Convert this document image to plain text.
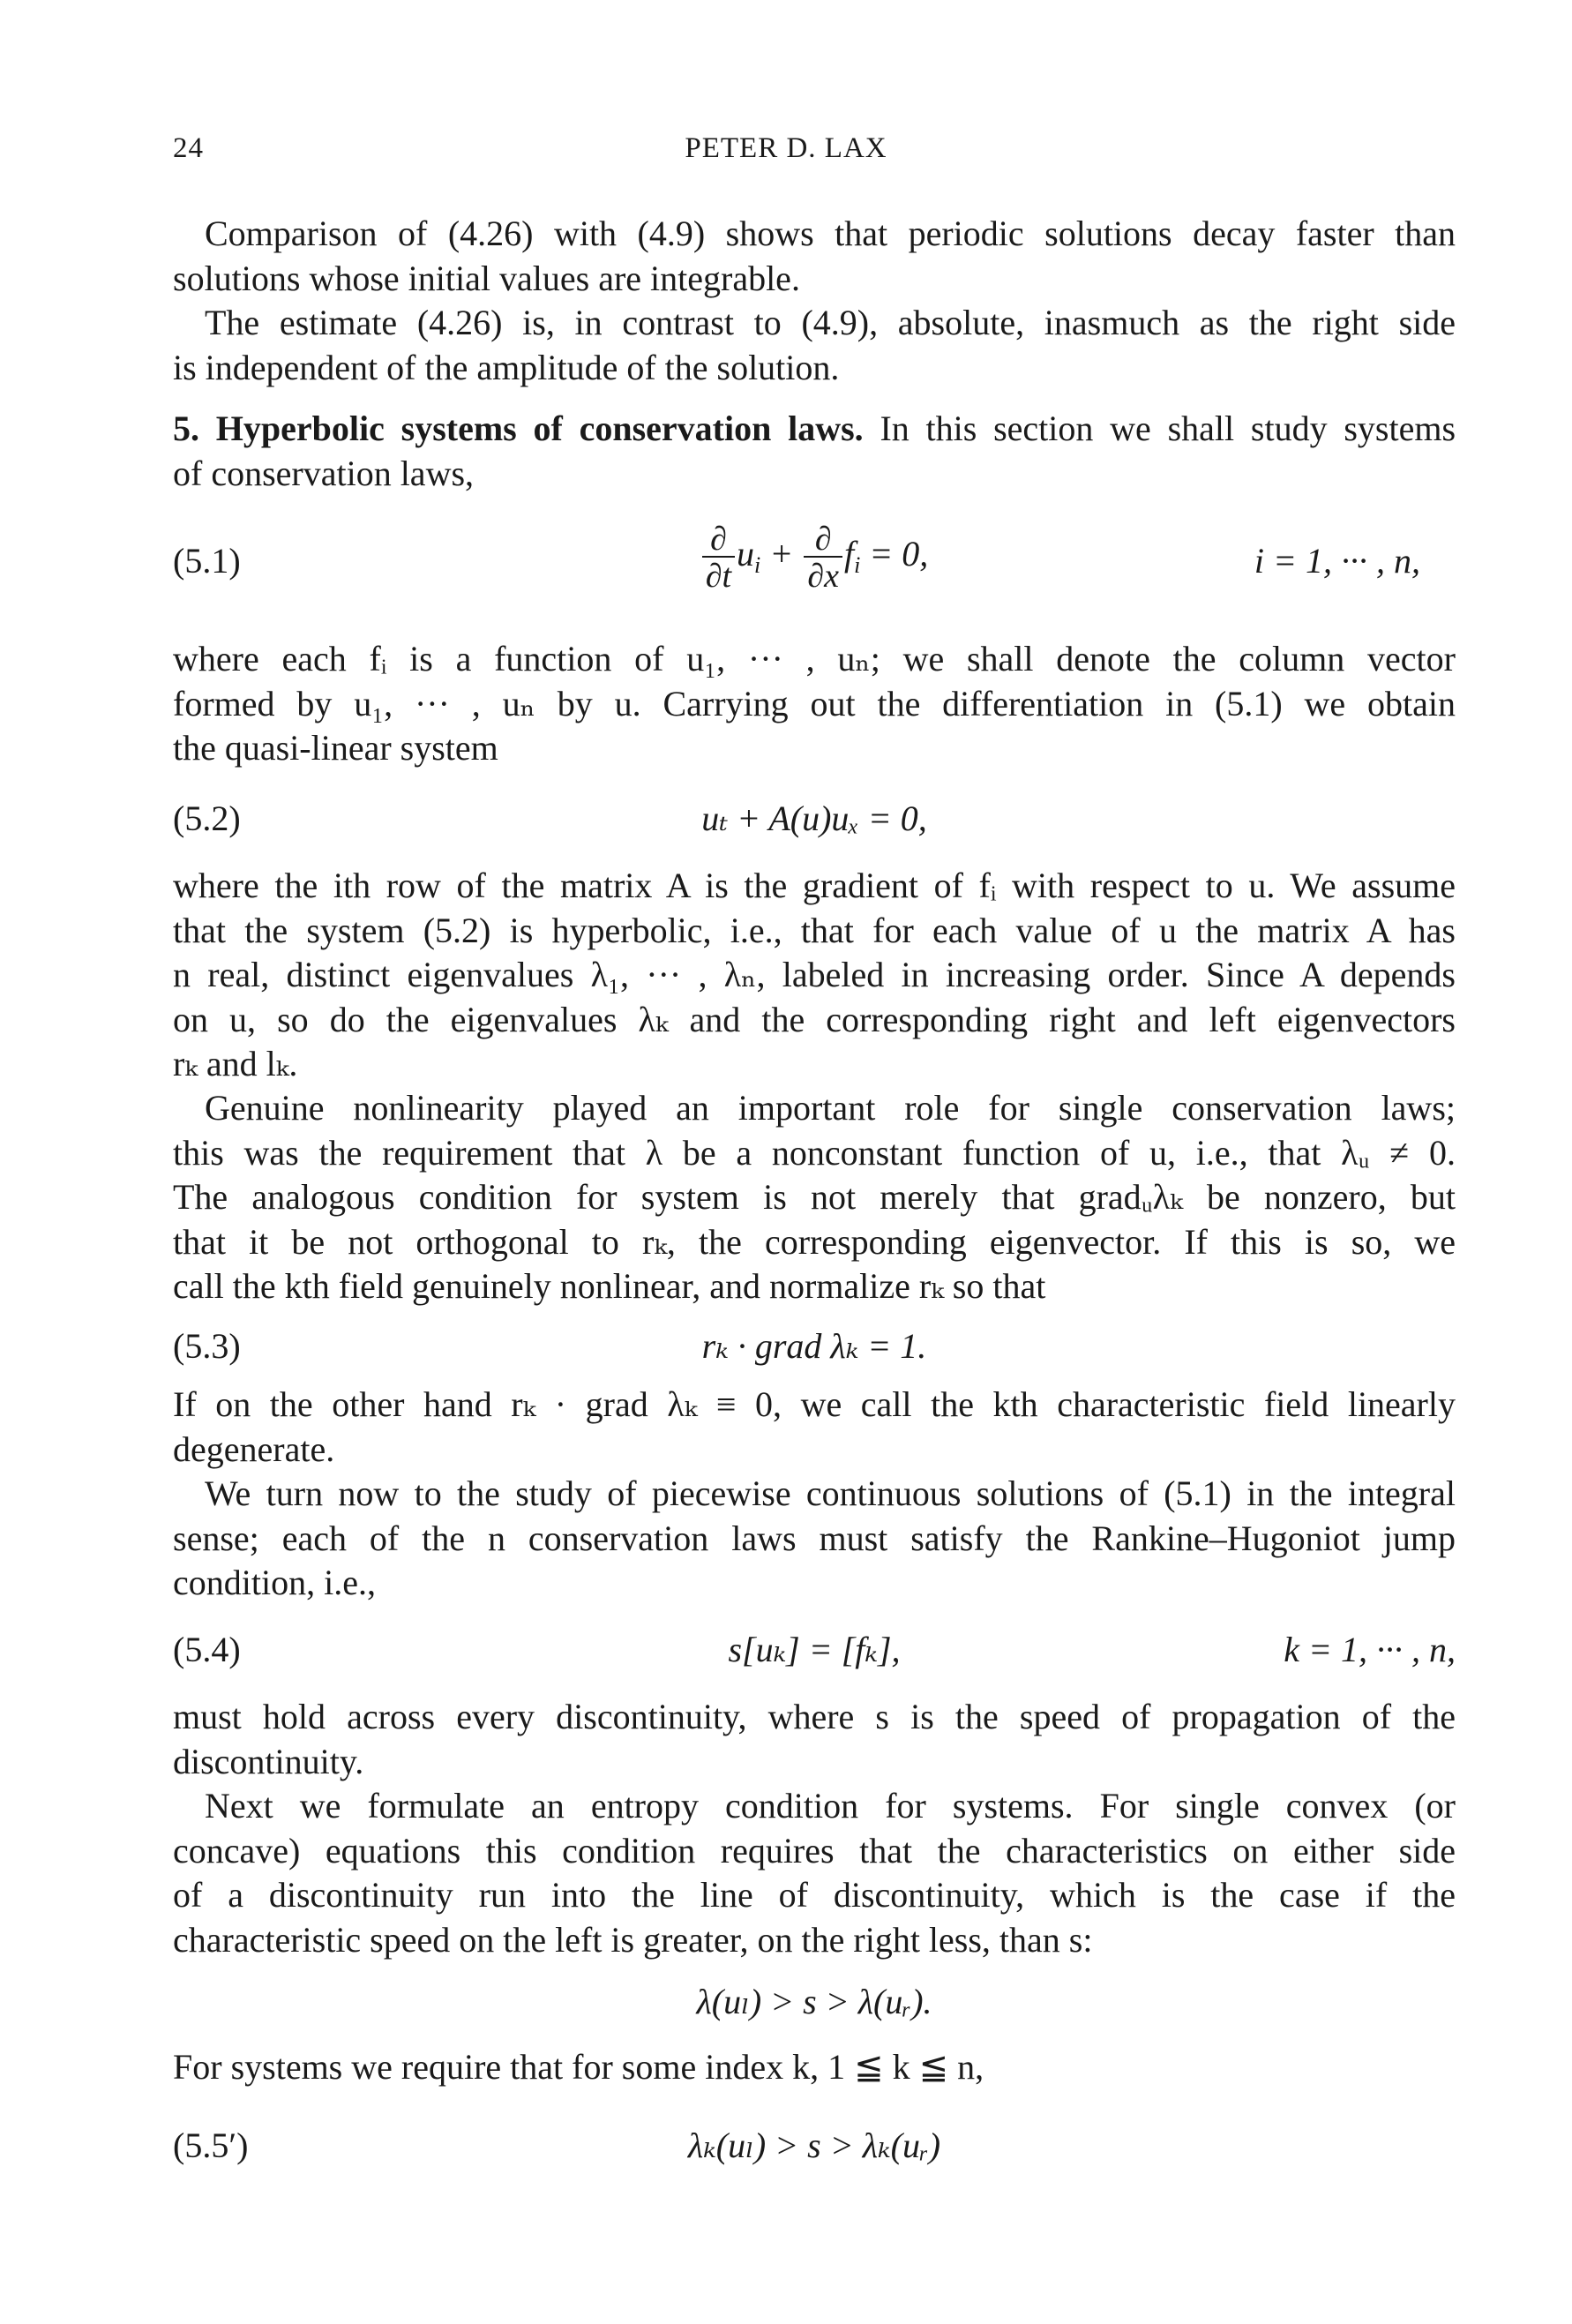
24	PETER D. LAX
Comparison of (4.26) with (4.9) shows that periodic solutions decay faster than
solutions whose initial values are integrable.
The estimate (4.26) is, in contrast to (4.9), absolute, inasmuch as the right side
is independent of the amplitude of the solution.
5. Hyperbolic systems of conservation laws. In this section we shall study systems
of conservation laws,
(5.1)	$\frac{\partial}{\partial t} u_i + \frac{\partial}{\partial x} f_i = 0$,	i = 1, ··· , n,
where each fᵢ is a function of u₁, ··· , uₙ; we shall denote the column vector
formed by u₁, ··· , uₙ by u. Carrying out the differentiation in (5.1) we obtain
the quasi-linear system
(5.2)	uₜ + A(u)uₓ = 0,
where the ith row of the matrix A is the gradient of fᵢ with respect to u. We assume
that the system (5.2) is hyperbolic, i.e., that for each value of u the matrix A has
n real, distinct eigenvalues λ₁, ··· , λₙ, labeled in increasing order. Since A depends
on u, so do the eigenvalues λₖ and the corresponding right and left eigenvectors
rₖ and lₖ.
Genuine nonlinearity played an important role for single conservation laws;
this was the requirement that λ be a nonconstant function of u, i.e., that λᵤ ≠ 0.
The analogous condition for system is not merely that gradᵤλₖ be nonzero, but
that it be not orthogonal to rₖ, the corresponding eigenvector. If this is so, we
call the kth field genuinely nonlinear, and normalize rₖ so that
(5.3)	rₖ · grad λₖ = 1.
If on the other hand rₖ · grad λₖ ≡ 0, we call the kth characteristic field linearly
degenerate.
We turn now to the study of piecewise continuous solutions of (5.1) in the integral
sense; each of the n conservation laws must satisfy the Rankine–Hugoniot jump
condition, i.e.,
(5.4)	s[uₖ] = [fₖ],	k = 1, ··· , n,
must hold across every discontinuity, where s is the speed of propagation of the
discontinuity.
Next we formulate an entropy condition for systems. For single convex (or
concave) equations this condition requires that the characteristics on either side
of a discontinuity run into the line of discontinuity, which is the case if the
characteristic speed on the left is greater, on the right less, than s:
λ(uₗ) > s > λ(uᵣ).
For systems we require that for some index k, 1 ≦ k ≦ n,
(5.5′)	λₖ(uₗ) > s > λₖ(uᵣ)
